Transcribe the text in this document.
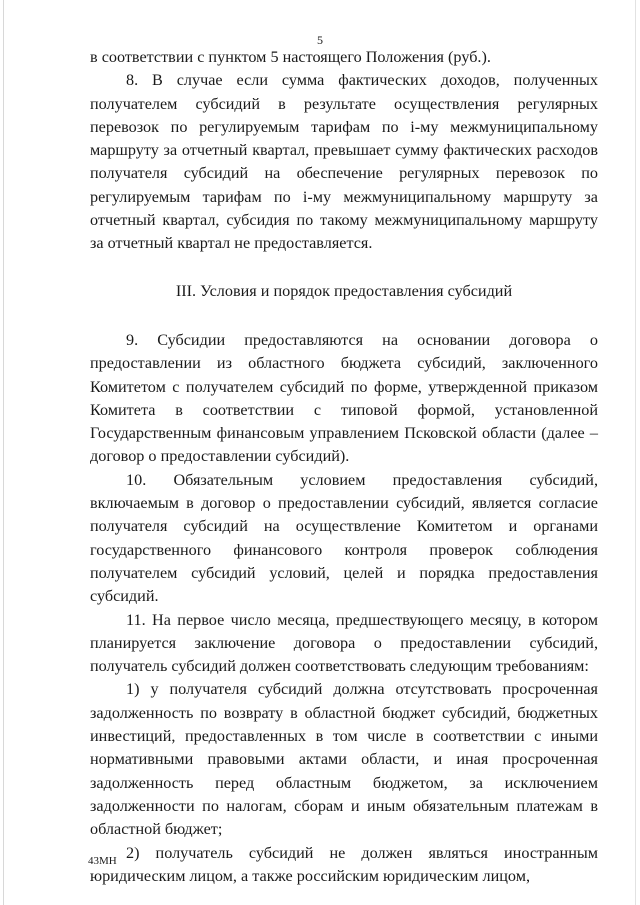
5

в соответствии с пунктом 5 настоящего Положения (руб.).

8. В случае если сумма фактических доходов, полученных получателем субсидий в результате осуществления регулярных перевозок по регулируемым тарифам по і-му межмуниципальному маршруту за отчетный квартал, превышает сумму фактических расходов получателя субсидий на обеспечение регулярных перевозок по регулируемым тарифам по і-му межмуниципальному маршруту за отчетный квартал, субсидия по такому межмуниципальному маршруту за отчетный квартал не предоставляется.

III. Условия и порядок предоставления субсидий

9. Субсидии предоставляются на основании договора о предоставлении из областного бюджета субсидий, заключенного Комитетом с получателем субсидий по форме, утвержденной приказом Комитета в соответствии с типовой формой, установленной Государственным финансовым управлением Псковской области (далее – договор о предоставлении субсидий).

10. Обязательным условием предоставления субсидий, включаемым в договор о предоставлении субсидий, является согласие получателя субсидий на осуществление Комитетом и органами государственного финансового контроля проверок соблюдения получателем субсидий условий, целей и порядка предоставления субсидий.

11. На первое число месяца, предшествующего месяцу, в котором планируется заключение договора о предоставлении субсидий, получатель субсидий должен соответствовать следующим требованиям:

1) у получателя субсидий должна отсутствовать просроченная задолженность по возврату в областной бюджет субсидий, бюджетных инвестиций, предоставленных в том числе в соответствии с иными нормативными правовыми актами области, и иная просроченная задолженность перед областным бюджетом, за исключением задолженности по налогам, сборам и иным обязательным платежам в областной бюджет;

2) получатель субсидий не должен являться иностранным юридическим лицом, а также российским юридическим лицом,

43МН
